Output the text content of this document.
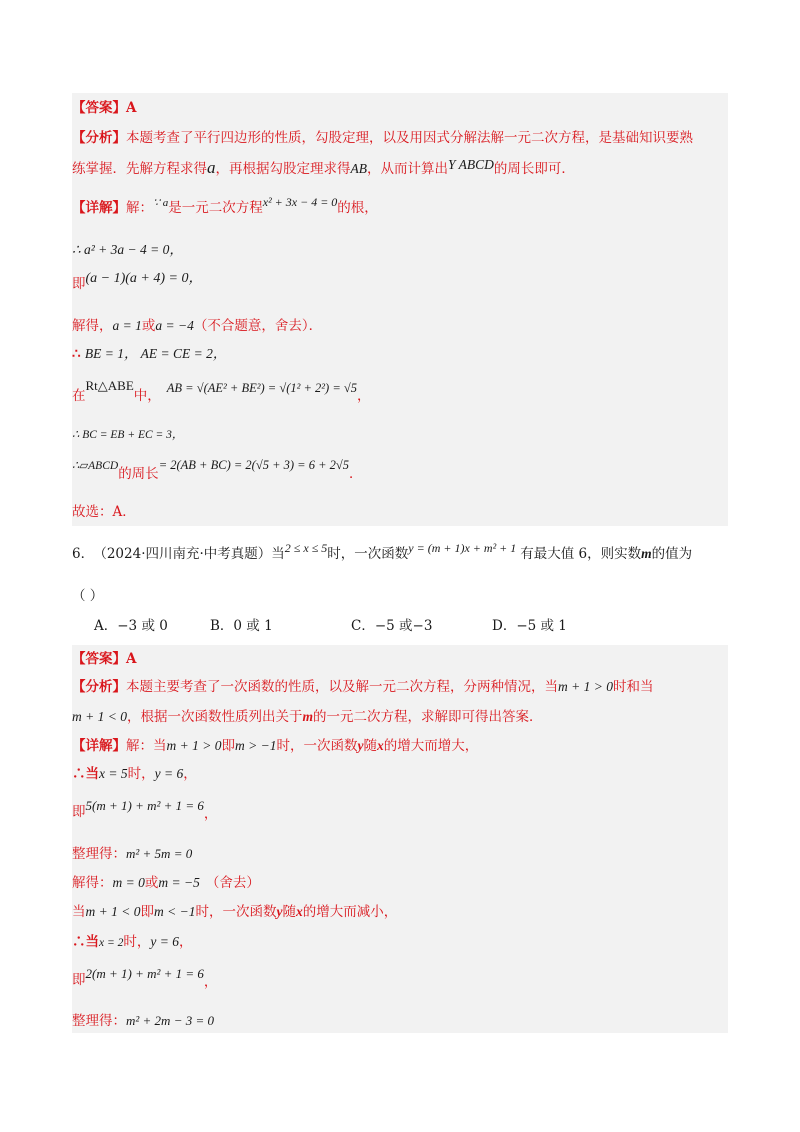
【答案】A
【分析】本题考查了平行四边形的性质，勾股定理，以及用因式分解法解一元二次方程，是基础知识要熟
练掌握．先解方程求得a，再根据勾股定理求得AB，从而计算出Y ABCD的周长即可．
【详解】解：$^{\because a}$是一元二次方程x² + 3x − 4 = 0的根，
∴ a² + 3a − 4 = 0，
即(a − 1)(a + 4) = 0，
解得，a = 1或a = −4（不合题意，舍去）．
∴ BE = 1， AE = CE = 2，
在Rt△ABE中， AB = √(AE² + BE²) = √(1² + 2²) = √5，
∴ BC = EB + EC = 3，
∴▱ABCD的周长= 2(AB + BC) = 2(√5 + 3) = 6 + 2√5．
故选：A．
6． （2024·四川南充·中考真题）当2 ≤ x ≤ 5时，一次函数y = (m + 1)x + m² + 1 有最大值 6，则实数m的值为
（ ）
A．−3 或 0	B．0 或 1	C．−5 或−3	D．−5 或 1
【答案】A
【分析】本题主要考查了一次函数的性质，以及解一元二次方程，分两种情况，当m + 1 > 0时和当
m + 1 < 0，根据一次函数性质列出关于m的一元二次方程，求解即可得出答案．
【详解】解：当m + 1 > 0即m > −1时，一次函数y随x的增大而增大，
∴当x = 5时，y = 6，
即5(m + 1) + m² + 1 = 6，
整理得：m² + 5m = 0
解得：m = 0或m = −5 （舍去）
当m + 1 < 0即m < −1时，一次函数y随x的增大而减小，
∴当x = 2时，y = 6，
即2(m + 1) + m² + 1 = 6，
整理得：m² + 2m − 3 = 0
